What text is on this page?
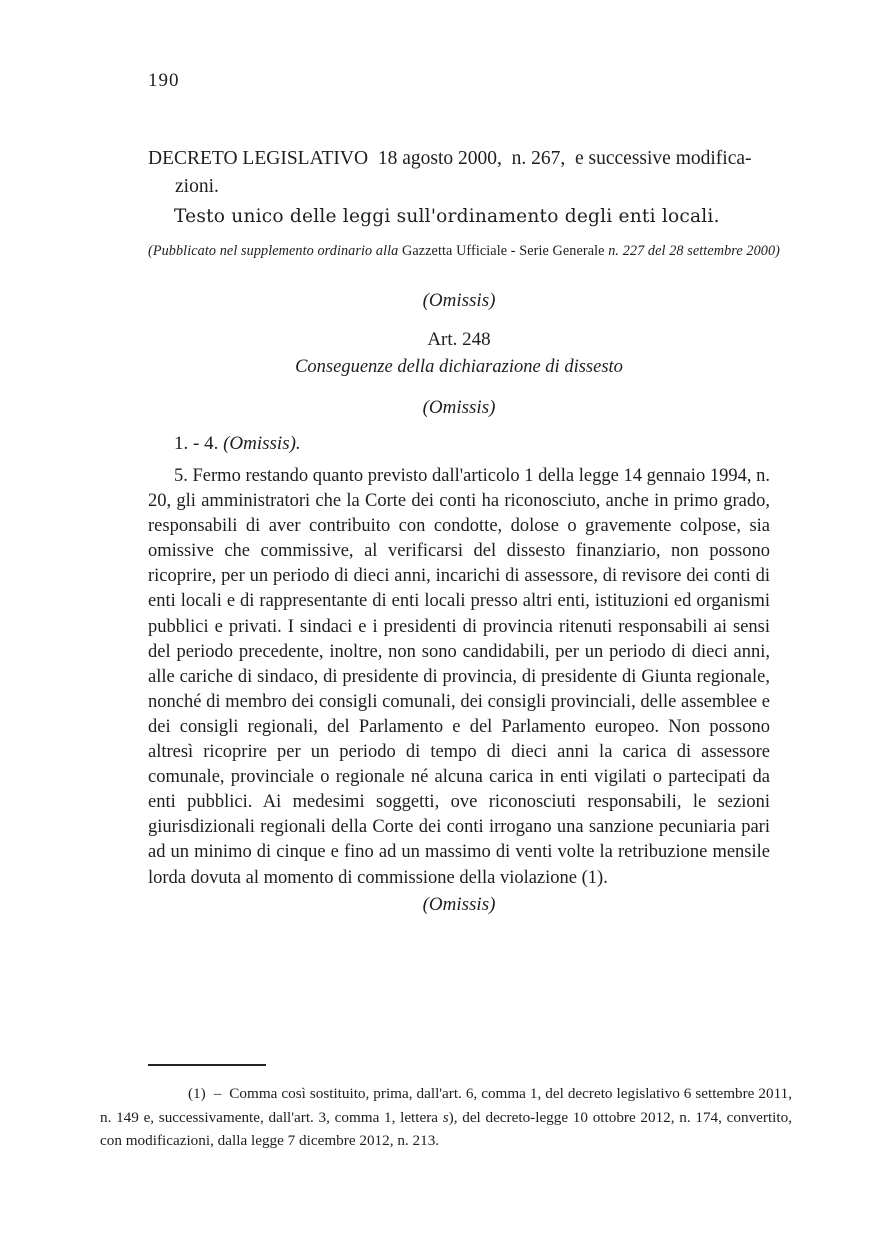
190
DECRETO LEGISLATIVO  18 agosto 2000,  n. 267,  e successive modifica-
zioni.
Testo unico delle leggi sull'ordinamento degli enti locali.
(Pubblicato nel supplemento ordinario alla Gazzetta Ufficiale - Serie Generale n. 227 del 28 settembre 2000)
(Omissis)
Art. 248
Conseguenze della dichiarazione di dissesto
(Omissis)
1. - 4. (Omissis).
5. Fermo restando quanto previsto dall'articolo 1 della legge 14 gennaio 1994, n. 20, gli amministratori che la Corte dei conti ha riconosciuto, anche in primo grado, responsabili di aver contribuito con condotte, dolose o gravemente colpose, sia omissive che commissive, al verificarsi del dissesto finanziario, non possono ricoprire, per un periodo di dieci anni, incarichi di assessore, di revisore dei conti di enti locali e di rappresentante di enti locali presso altri enti, istituzioni ed organismi pubblici e privati. I sindaci e i presidenti di provincia ritenuti responsabili ai sensi del periodo precedente, inoltre, non sono candidabili, per un periodo di dieci anni, alle cariche di sindaco, di presidente di provincia, di presidente di Giunta regionale, nonché di membro dei consigli comunali, dei consigli provinciali, delle assemblee e dei consigli regionali, del Parlamento e del Parlamento europeo. Non possono altresì ricoprire per un periodo di tempo di dieci anni la carica di assessore comunale, provinciale o regionale né alcuna carica in enti vigilati o partecipati da enti pubblici. Ai medesimi soggetti, ove riconosciuti responsabili, le sezioni giurisdizionali regionali della Corte dei conti irrogano una sanzione pecuniaria pari ad un minimo di cinque e fino ad un massimo di venti volte la retribuzione mensile lorda dovuta al momento di commissione della violazione (1).
(Omissis)
(1)  –  Comma così sostituito, prima, dall'art. 6, comma 1, del decreto legislativo 6 settembre 2011, n. 149 e, successivamente, dall'art. 3, comma 1, lettera s), del decreto-legge 10 ottobre 2012, n. 174, convertito, con modificazioni, dalla legge 7 dicembre 2012, n. 213.
